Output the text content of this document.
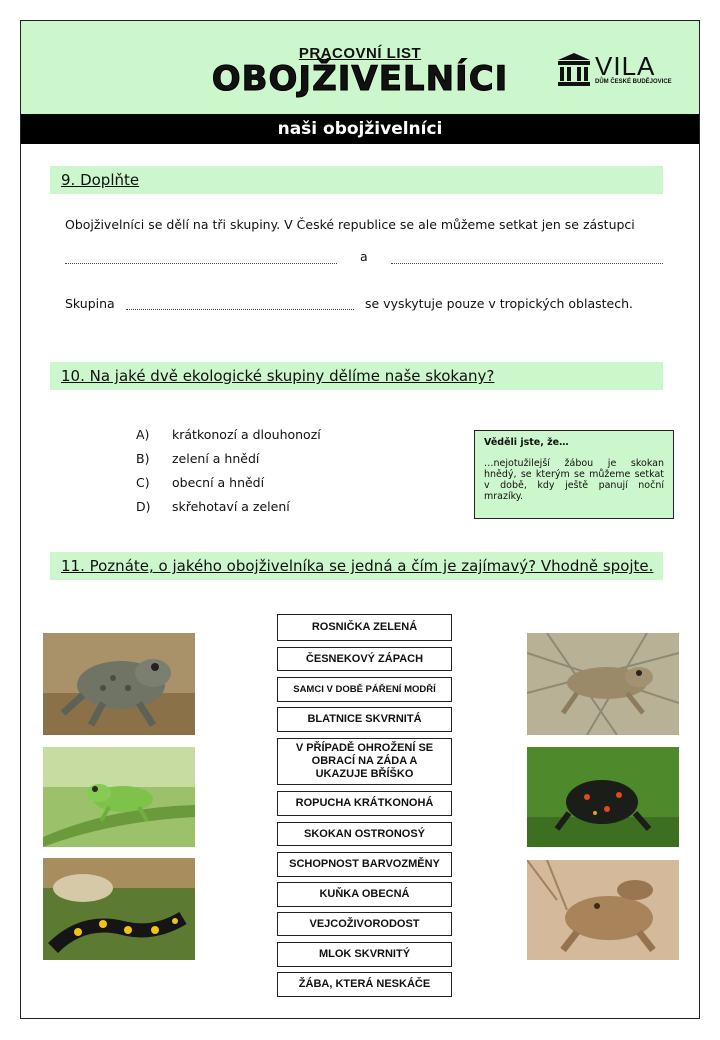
PRACOVNÍ LIST
OBOJŽIVELNÍCI	VILA
DŮM ČESKÉ BUDĚJOVICE
naši obojživelníci
9. Doplňte
Obojživelníci se dělí na tři skupiny. V České republice se ale můžeme setkat jen se zástupci
a
Skupina	se vyskytuje pouze v tropických oblastech.
10. Na jaké dvě ekologické skupiny dělíme naše skokany?
A) krátkonozí a dlouhonozí
B) zelení a hnědí
C) obecní a hnědí
D) skřehotaví a zelení
Věděli jste, že…
…nejotužilejší žábou je skokan hnědý, se kterým se můžeme setkat v době, kdy ještě panují noční mrazíky.
11. Poznáte, o jakého obojživelníka se jedná a čím je zajímavý? Vhodně spojte.
ROSNIČKA ZELENÁ
ČESNEKOVÝ ZÁPACH
SAMCI V DOBĚ PÁŘENÍ MODŘÍ
BLATNICE SKVRNITÁ
V PŘÍPADĚ OHROŽENÍ SE OBRACÍ NA ZÁDA A UKAZUJE BŘÍŠKO
ROPUCHA KRÁTKONOHÁ
SKOKAN OSTRONOSÝ
SCHOPNOST BARVOZMĚNY
KUŇKA OBECNÁ
VEJCOŽIVORODOST
MLOK SKVRNITÝ
ŽÁBA, KTERÁ NESKÁČE
